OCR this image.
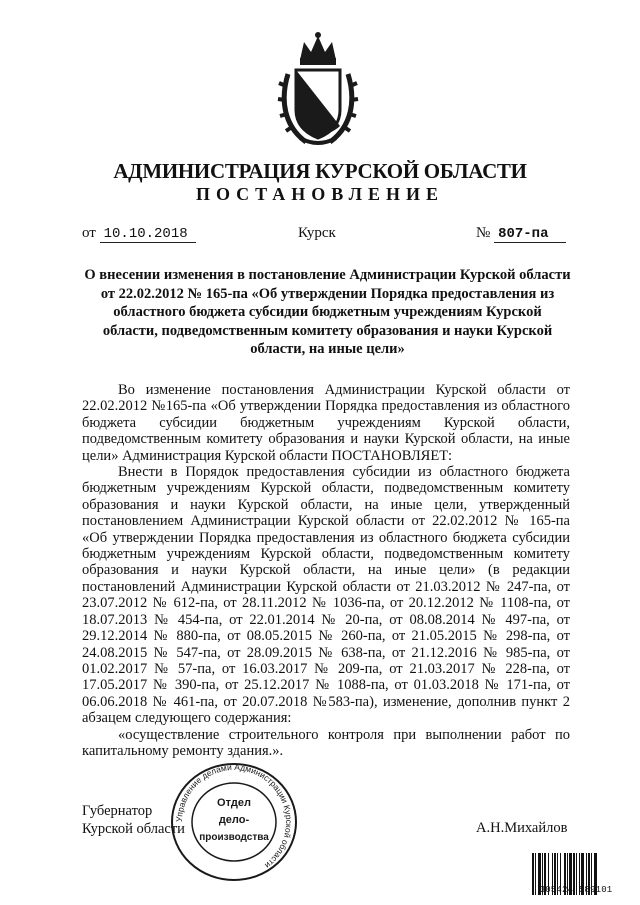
АДМИНИСТРАЦИЯ КУРСКОЙ ОБЛАСТИ
ПОСТАНОВЛЕНИЕ
от 10.10.2018	Курск	№ 807-па
О внесении изменения в постановление Администрации Курской области
от 22.02.2012 № 165-па «Об утверждении Порядка предоставления из
областного бюджета субсидии бюджетным учреждениям Курской
области, подведомственным комитету образования и науки Курской
области, на иные цели»

Во изменение постановления Администрации Курской области от 22.02.2012 №165-па «Об утверждении Порядка предоставления из областного бюджета субсидии бюджетным учреждениям Курской области, подведомственным комитету образования и науки Курской области, на иные цели» Администрация Курской области ПОСТАНОВЛЯЕТ:

Внести в Порядок предоставления субсидии из областного бюджета бюджетным учреждениям Курской области, подведомственным комитету образования и науки Курской области, на иные цели, утвержденный постановлением Администрации Курской области от 22.02.2012 № 165-па «Об утверждении Порядка предоставления из областного бюджета субсидии бюджетным учреждениям Курской области, подведомственным комитету образования и науки Курской области, на иные цели» (в редакции постановлений Администрации Курской области от 21.03.2012 № 247-па, от 23.07.2012 № 612-па, от 28.11.2012 № 1036-па, от 20.12.2012 № 1108-па, от 18.07.2013 № 454-па, от 22.01.2014 № 20-па, от 08.08.2014 № 497-па, от 29.12.2014 № 880-па, от 08.05.2015 № 260-па, от 21.05.2015 № 298-па, от 24.08.2015 № 547-па, от 28.09.2015 № 638-па, от 21.12.2016 № 985-па, от 01.02.2017 № 57-па, от 16.03.2017 № 209-па, от 21.03.2017 № 228-па, от 17.05.2017 № 390-па, от 25.12.2017 № 1088-па, от 01.03.2018 № 171-па, от 06.06.2018 № 461-па, от 20.07.2018 №583-па), изменение, дополнив пункт 2 абзацем следующего содержания:

«осуществление строительного контроля при выполнении работ по капитальному ремонту здания.».

Губернатор
Курской области	А.Н.Михайлов
Управление делами Администрации Курской области
Отдел
дело-
производства
305424 589101
